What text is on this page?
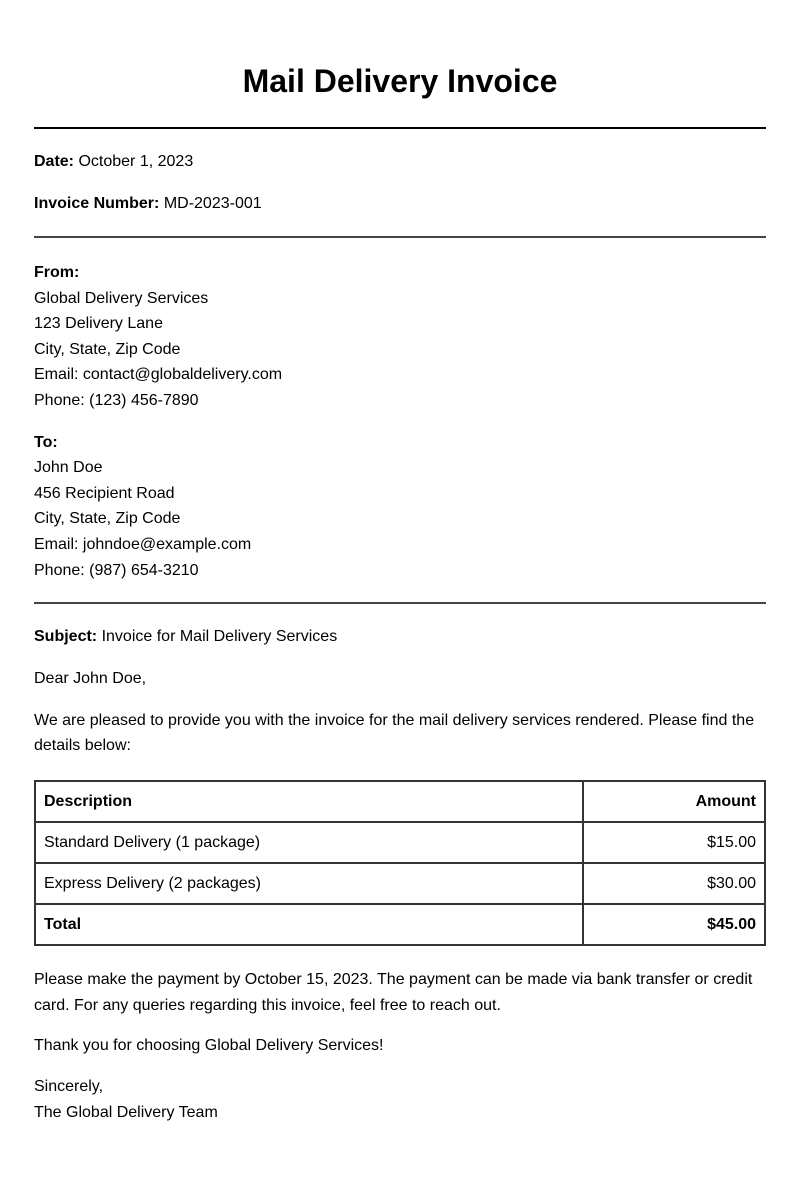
Mail Delivery Invoice

Date: October 1, 2023

Invoice Number: MD-2023-001

From:
Global Delivery Services
123 Delivery Lane
City, State, Zip Code
Email: contact@globaldelivery.com
Phone: (123) 456-7890
To:
John Doe
456 Recipient Road
City, State, Zip Code
Email: johndoe@example.com
Phone: (987) 654-3210

Subject: Invoice for Mail Delivery Services

Dear John Doe,

We are pleased to provide you with the invoice for the mail delivery services rendered. Please find the details below:

Description	Amount
Standard Delivery (1 package)	$15.00
Express Delivery (2 packages)	$30.00
Total	$45.00

Please make the payment by October 15, 2023. The payment can be made via bank transfer or credit card. For any queries regarding this invoice, feel free to reach out.

Thank you for choosing Global Delivery Services!

Sincerely,
The Global Delivery Team
